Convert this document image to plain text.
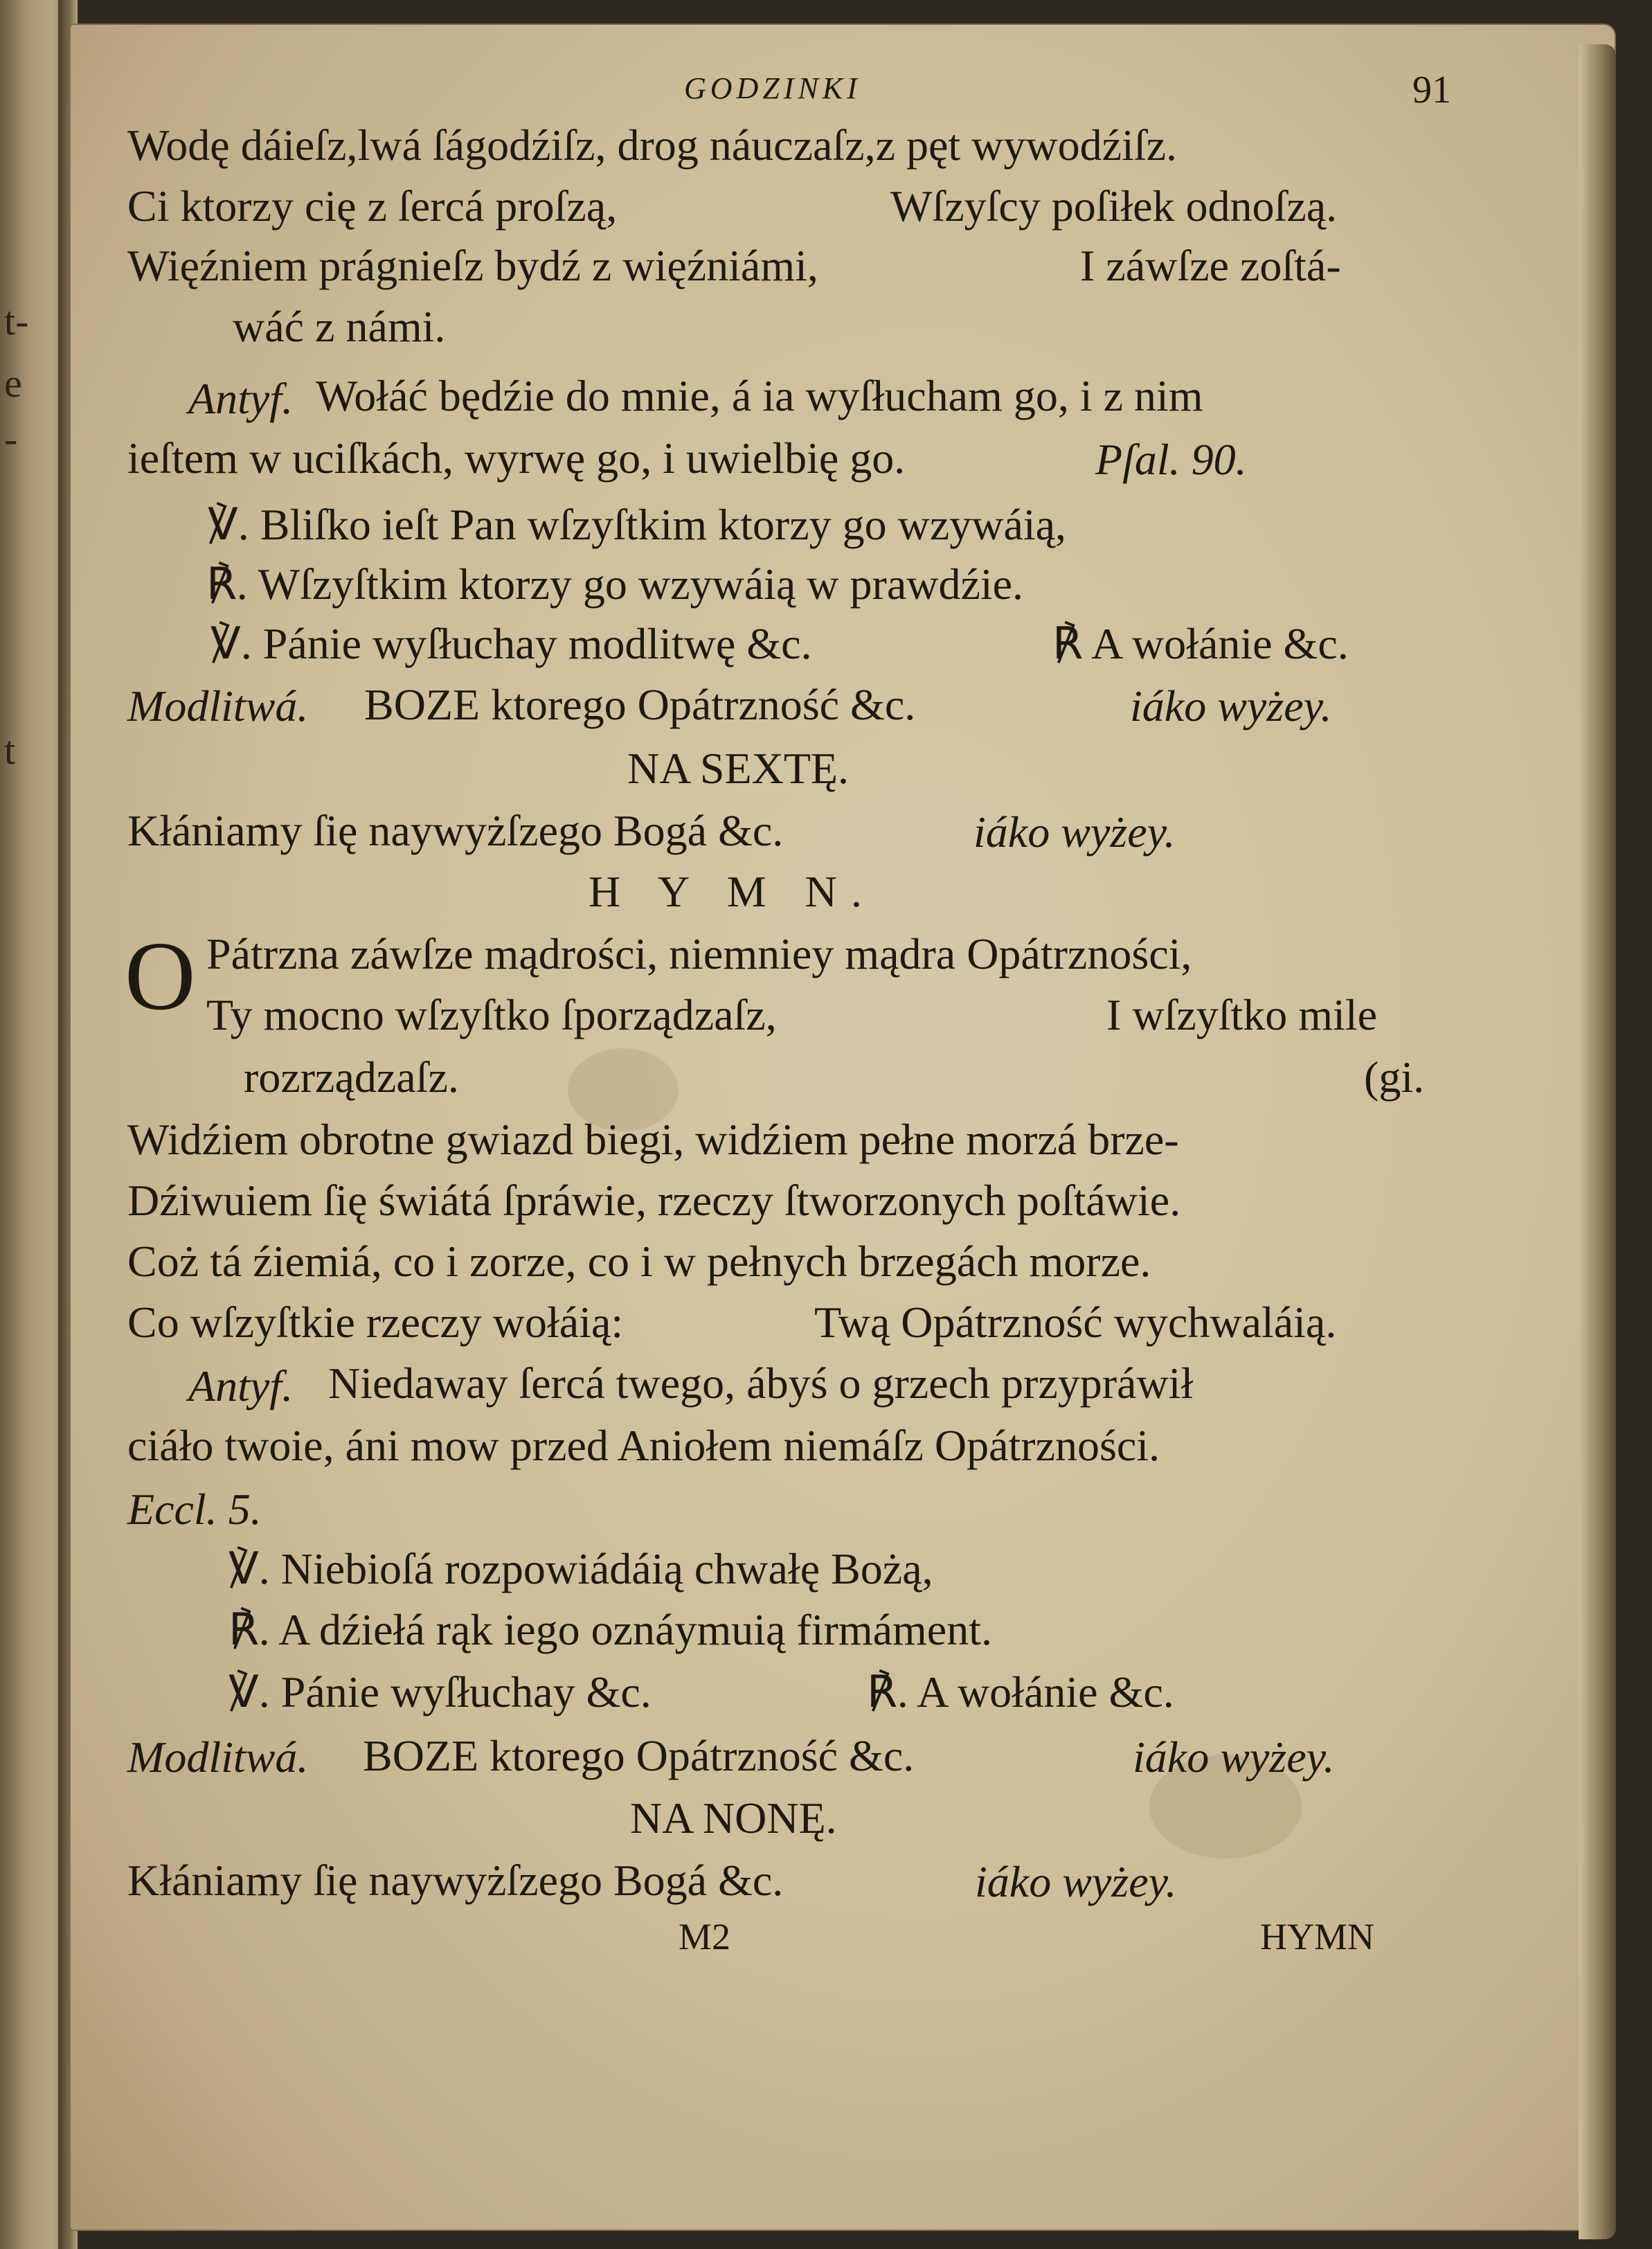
t-
e
-
t
GODZINKI	91
Wodę dáieſz,lwá ſágodźiſz, drog náuczaſz,z pęt wywodźiſz.
Ci ktorzy cię z ſercá proſzą,	Wſzyſcy poſiłek odnoſzą.
Więźniem prágnieſz bydź z więźniámi,	I záwſze zoſtá-
wáć z námi.
Antyf. Wołáć będźie do mnie, á ia wyſłucham go, i z nim
ieſtem w uciſkách, wyrwę go, i uwielbię go.	Pſal. 90.
℣. Bliſko ieſt Pan wſzyſtkim ktorzy go wzywáią,
℟. Wſzyſtkim ktorzy go wzywáią w prawdźie.
℣. Pánie wyſłuchay modlitwę &c.	℟ A wołánie &c.
Modlitwá. BOZE ktorego Opátrzność &c.	iáko wyżey.
NA SEXTĘ.
Kłániamy ſię naywyżſzego Bogá &c.	iáko wyżey.
H Y M N.
O Pátrzna záwſze mądrości, niemniey mądra Opátrzności,
Ty mocno wſzyſtko ſporządzaſz,	I wſzyſtko mile
rozrządzaſz.	(gi.
Widźiem obrotne gwiazd biegi, widźiem pełne morzá brze-
Dźiwuiem ſię świátá ſpráwie, rzeczy ſtworzonych poſtáwie.
Coż tá źiemiá, co i zorze, co i w pełnych brzegách morze.
Co wſzyſtkie rzeczy wołáią:	Twą Opátrzność wychwaláią.
Antyf. Niedaway ſercá twego, ábyś o grzech przypráwił
ciáło twoie, áni mow przed Aniołem niemáſz Opátrzności.
Eccl. 5.
℣. Niebioſá rozpowiádáią chwałę Bożą,
℟. A dźiełá rąk iego oznáymuią firmáment.
℣. Pánie wyſłuchay &c.	℟. A wołánie &c.
Modlitwá. BOZE ktorego Opátrzność &c.	iáko wyżey.
NA NONĘ.
Kłániamy ſię naywyżſzego Bogá &c.	iáko wyżey.
M2	HYMN
